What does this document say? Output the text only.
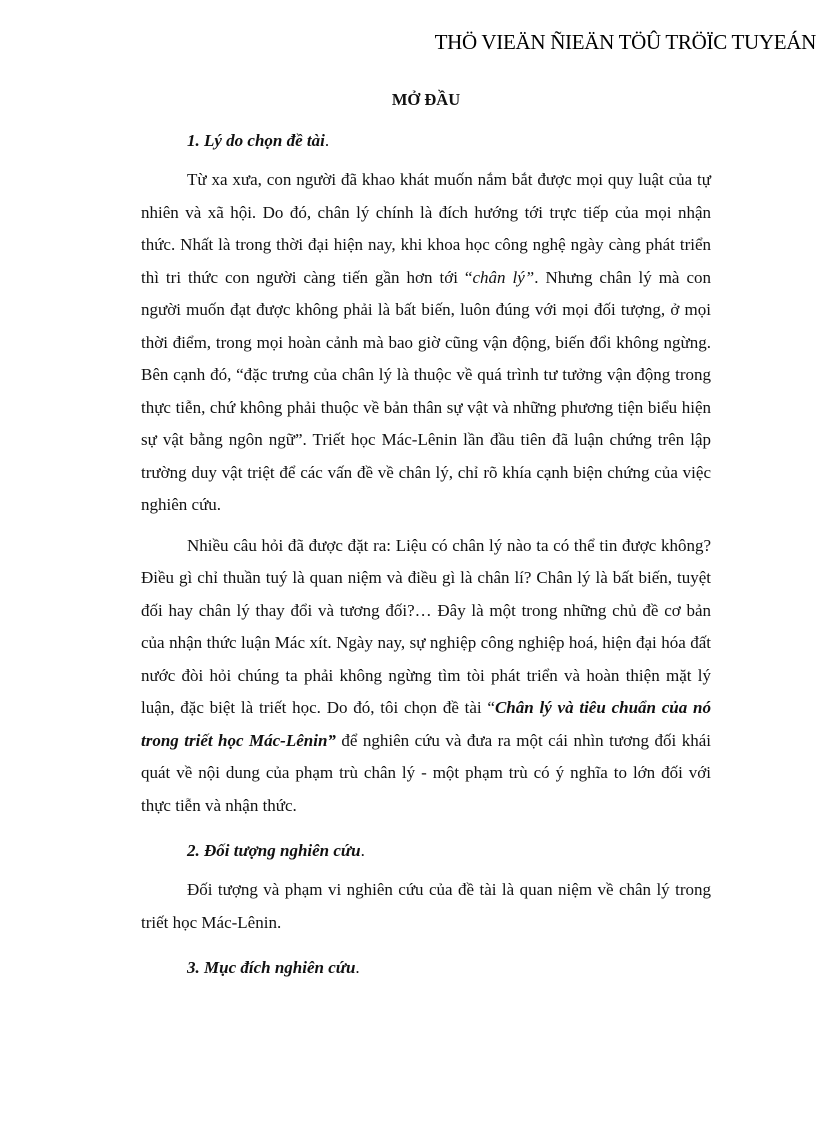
THÖ VIEÄN ÑIEÄN TÖÛ TRÖÏC TUYEÁN
MỞ ĐẦU
1. Lý do chọn đề tài.

Từ xa xưa, con người đã khao khát muốn nắm bắt được mọi quy luật của tự nhiên và xã hội. Do đó, chân lý chính là đích hướng tới trực tiếp của mọi nhận thức. Nhất là trong thời đại hiện nay, khi khoa học công nghệ ngày càng phát triển thì tri thức con người càng tiến gần hơn tới “chân lý”. Nhưng chân lý mà con người muốn đạt được không phải là bất biến, luôn đúng với mọi đối tượng, ở mọi thời điểm, trong mọi hoàn cảnh mà bao giờ cũng vận động, biến đổi không ngừng. Bên cạnh đó, “đặc trưng của chân lý là thuộc về quá trình tư tưởng vận động trong thực tiễn, chứ không phải thuộc về bản thân sự vật và những phương tiện biểu hiện sự vật bằng ngôn ngữ”. Triết học Mác-Lênin lần đầu tiên đã luận chứng trên lập trường duy vật triệt để các vấn đề về chân lý, chỉ rõ khía cạnh biện chứng của việc nghiên cứu.

Nhiều câu hỏi đã được đặt ra: Liệu có chân lý nào ta có thể tin được không? Điều gì chỉ thuần tuý là quan niệm và điều gì là chân lí? Chân lý là bất biến, tuyệt đối hay chân lý thay đổi và tương đối?… Đây là một trong những chủ đề cơ bản của nhận thức luận Mác xít. Ngày nay, sự nghiệp công nghiệp hoá, hiện đại hóa đất nước đòi hỏi chúng ta phải không ngừng tìm tòi phát triển và hoàn thiện mặt lý luận, đặc biệt là triết học. Do đó, tôi chọn đề tài “Chân lý và tiêu chuẩn của nó trong triết học Mác-Lênin” để nghiên cứu và đưa ra một cái nhìn tương đối khái quát về nội dung của phạm trù chân lý - một phạm trù có ý nghĩa to lớn đối với thực tiễn và nhận thức.

2. Đối tượng nghiên cứu.

Đối tượng và phạm vi nghiên cứu của đề tài là quan niệm về chân lý trong triết học Mác-Lênin.

3. Mục đích nghiên cứu.
